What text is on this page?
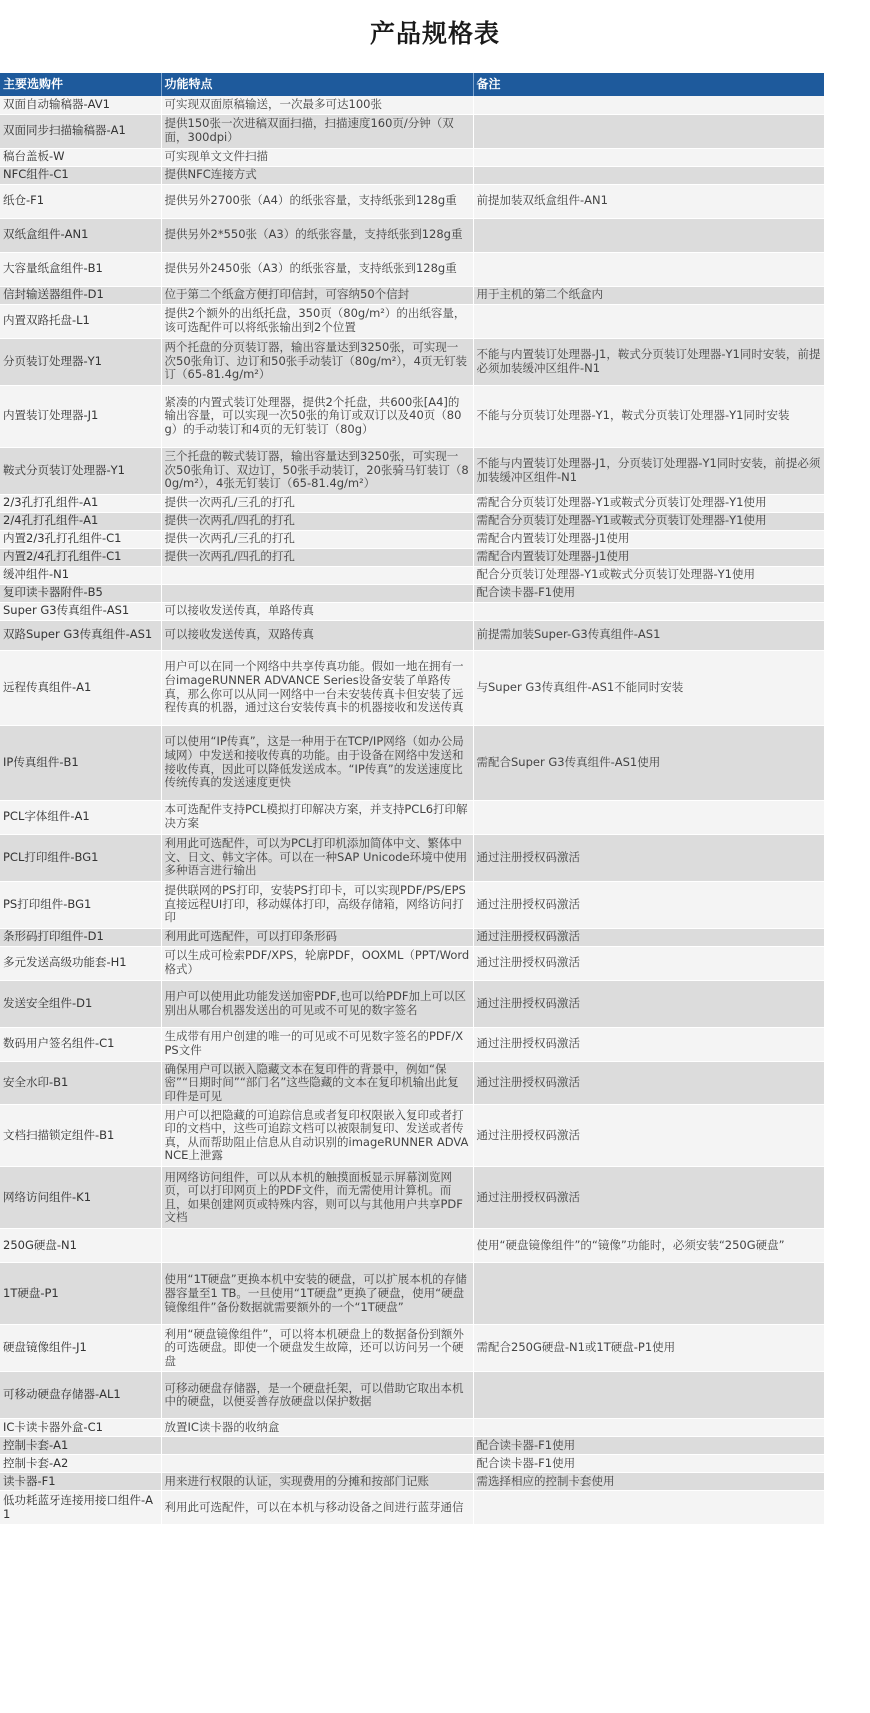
产品规格表
主要选购件	功能特点	备注
双面自动输稿器-AV1	可实现双面原稿输送，一次最多可达100张	
双面同步扫描输稿器-A1	提供150张一次进稿双面扫描，扫描速度160页/分钟（双面，300dpi）	
稿台盖板-W	可实现单文文件扫描	
NFC组件-C1	提供NFC连接方式	
纸仓-F1	提供另外2700张（A4）的纸张容量，支持纸张到128g重	前提加装双纸盒组件-AN1
双纸盒组件-AN1	提供另外2*550张（A3）的纸张容量，支持纸张到128g重	
大容量纸盒组件-B1	提供另外2450张（A3）的纸张容量，支持纸张到128g重	
信封输送器组件-D1	位于第二个纸盒方便打印信封，可容纳50个信封	用于主机的第二个纸盒内
内置双路托盘-L1	提供2个额外的出纸托盘，350页（80g/m²）的出纸容量，该可选配件可以将纸张输出到2个位置	
分页装订处理器-Y1	两个托盘的分页装订器，输出容量达到3250张，可实现一次50张角订、边订和50张手动装订（80g/m²），4页无钉装订（65-81.4g/m²）	不能与内置装订处理器-J1，鞍式分页装订处理器-Y1同时安装，前提必须加装缓冲区组件-N1
内置装订处理器-J1	紧凑的内置式装订处理器，提供2个托盘，共600张[A4]的输出容量，可以实现一次50张的角订或双订以及40页（80g）的手动装订和4页的无钉装订（80g）	不能与分页装订处理器-Y1，鞍式分页装订处理器-Y1同时安装
鞍式分页装订处理器-Y1	三个托盘的鞍式装订器，输出容量达到3250张，可实现一次50张角订、双边订，50张手动装订，20张骑马钉装订（80g/m²），4张无钉装订（65-81.4g/m²）	不能与内置装订处理器-J1，分页装订处理器-Y1同时安装，前提必须加装缓冲区组件-N1
2/3孔打孔组件-A1	提供一次两孔/三孔的打孔	需配合分页装订处理器-Y1或鞍式分页装订处理器-Y1使用
2/4孔打孔组件-A1	提供一次两孔/四孔的打孔	需配合分页装订处理器-Y1或鞍式分页装订处理器-Y1使用
内置2/3孔打孔组件-C1	提供一次两孔/三孔的打孔	需配合内置装订处理器-J1使用
内置2/4孔打孔组件-C1	提供一次两孔/四孔的打孔	需配合内置装订处理器-J1使用
缓冲组件-N1		配合分页装订处理器-Y1或鞍式分页装订处理器-Y1使用
复印读卡器附件-B5		配合读卡器-F1使用
Super G3传真组件-AS1	可以接收发送传真，单路传真	
双路Super G3传真组件-AS1	可以接收发送传真，双路传真	前提需加装Super-G3传真组件-AS1
远程传真组件-A1	用户可以在同一个网络中共享传真功能。假如一地在拥有一台imageRUNNER ADVANCE Series设备安装了单路传真，那么你可以从同一网络中一台未安装传真卡但安装了远程传真的机器，通过这台安装传真卡的机器接收和发送传真	与Super G3传真组件-AS1不能同时安装
IP传真组件-B1	可以使用“IP传真”，这是一种用于在TCP/IP网络（如办公局域网）中发送和接收传真的功能。由于设备在网络中发送和接收传真，因此可以降低发送成本。“IP传真”的发送速度比传统传真的发送速度更快	需配合Super G3传真组件-AS1使用
PCL字体组件-A1	本可选配件支持PCL模拟打印解决方案，并支持PCL6打印解决方案	
PCL打印组件-BG1	利用此可选配件，可以为PCL打印机添加简体中文、繁体中文、日文、韩文字体。可以在一种SAP Unicode环境中使用多种语言进行输出	通过注册授权码激活
PS打印组件-BG1	提供联网的PS打印，安装PS打印卡，可以实现PDF/PS/EPS直接远程UI打印，移动媒体打印，高级存储箱，网络访问打印	通过注册授权码激活
条形码打印组件-D1	利用此可选配件，可以打印条形码	通过注册授权码激活
多元发送高级功能套-H1	可以生成可检索PDF/XPS，轮廓PDF，OOXML（PPT/Word格式）	通过注册授权码激活
发送安全组件-D1	用户可以使用此功能发送加密PDF,也可以给PDF加上可以区别出从哪台机器发送出的可见或不可见的数字签名	通过注册授权码激活
数码用户签名组件-C1	生成带有用户创建的唯一的可见或不可见数字签名的PDF/XPS文件	通过注册授权码激活
安全水印-B1	确保用户可以嵌入隐藏文本在复印件的背景中，例如“保密”“日期时间”“部门名”这些隐藏的文本在复印机输出此复印件是可见	通过注册授权码激活
文档扫描锁定组件-B1	用户可以把隐藏的可追踪信息或者复印权限嵌入复印或者打印的文档中，这些可追踪文档可以被限制复印、发送或者传真，从而帮助阻止信息从自动识别的imageRUNNER ADVANCE上泄露	通过注册授权码激活
网络访问组件-K1	用网络访问组件，可以从本机的触摸面板显示屏幕浏览网页，可以打印网页上的PDF文件，而无需使用计算机。而且，如果创建网页或特殊内容，则可以与其他用户共享PDF文档	通过注册授权码激活
250G硬盘-N1		使用“硬盘镜像组件”的“镜像”功能时，必须安装“250G硬盘”
1T硬盘-P1	使用“1T硬盘”更换本机中安装的硬盘，可以扩展本机的存储器容量至1 TB。一旦使用“1T硬盘”更换了硬盘，使用“硬盘镜像组件”备份数据就需要额外的一个“1T硬盘”	
硬盘镜像组件-J1	利用“硬盘镜像组件”，可以将本机硬盘上的数据备份到额外的可选硬盘。即使一个硬盘发生故障，还可以访问另一个硬盘	需配合250G硬盘-N1或1T硬盘-P1使用
可移动硬盘存储器-AL1	可移动硬盘存储器，是一个硬盘托架，可以借助它取出本机中的硬盘，以便妥善存放硬盘以保护数据	
IC卡读卡器外盒-C1	放置IC读卡器的收纳盒	
控制卡套-A1		配合读卡器-F1使用
控制卡套-A2		配合读卡器-F1使用
读卡器-F1	用来进行权限的认证，实现费用的分摊和按部门记账	需选择相应的控制卡套使用
低功耗蓝牙连接用接口组件-A1	利用此可选配件，可以在本机与移动设备之间进行蓝芽通信	
